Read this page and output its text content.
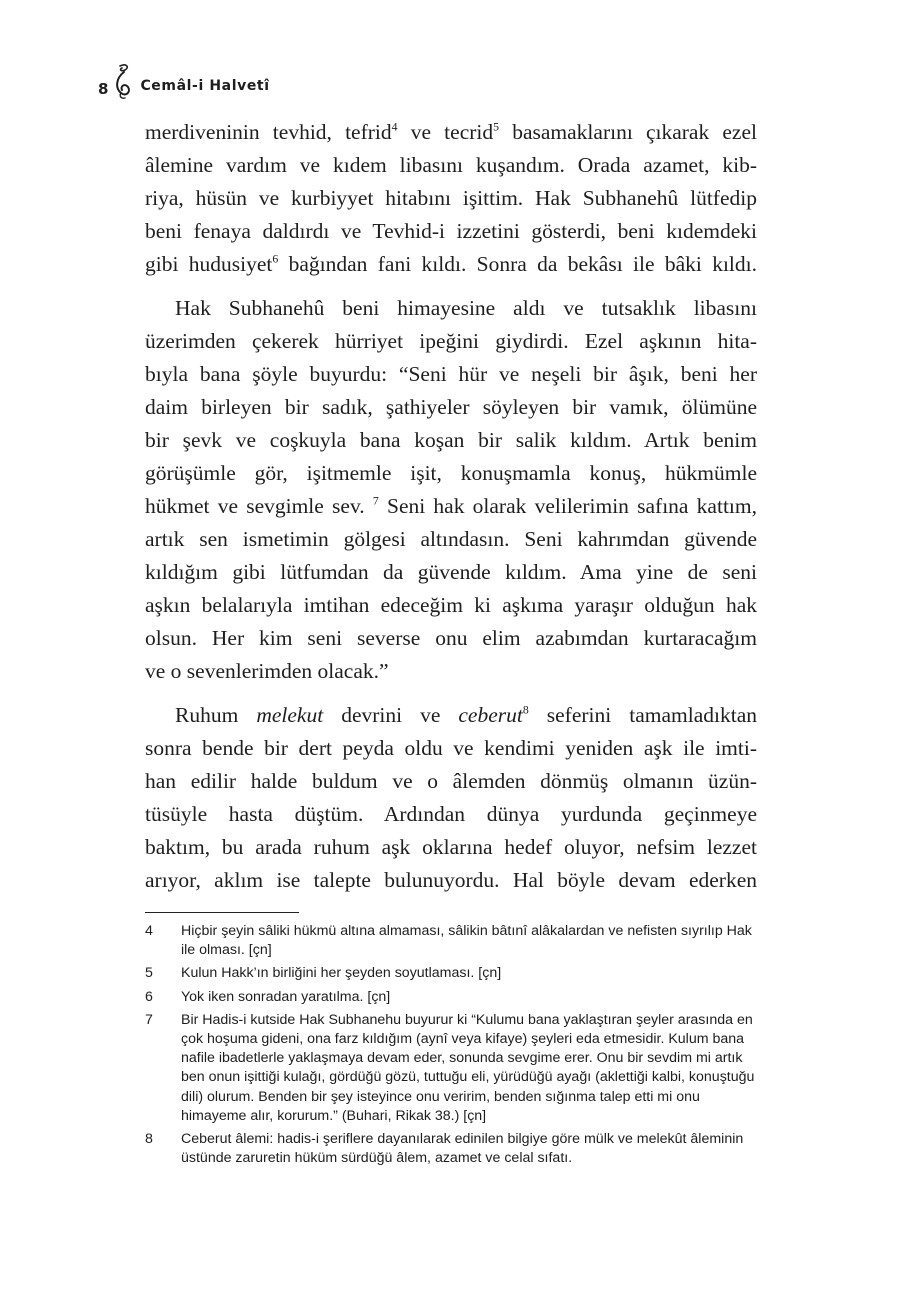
8 Cemâl-i Halvetî

merdiveninin tevhid, tefrid$^4$ ve tecrid$^5$ basamaklarını çıkarak ezel
âlemine vardım ve kıdem libasını kuşandım. Orada azamet, kib-
riya, hüsün ve kurbiyyet hitabını işittim. Hak Subhanehû lütfedip
beni fenaya daldırdı ve Tevhid-i izzetini gösterdi, beni kıdemdeki
gibi hudusiyet$^6$ bağından fani kıldı. Sonra da bekâsı ile bâki kıldı.

Hak Subhanehû beni himayesine aldı ve tutsaklık libasını
üzerimden çekerek hürriyet ipeğini giydirdi. Ezel aşkının hita-
bıyla bana şöyle buyurdu: “Seni hür ve neşeli bir âşık, beni her
daim birleyen bir sadık, şathiyeler söyleyen bir vamık, ölümüne
bir şevk ve coşkuyla bana koşan bir salik kıldım. Artık benim
görüşümle gör, işitmemle işit, konuşmamla konuş, hükmümle
hükmet ve sevgimle sev. $^7$ Seni hak olarak velilerimin safına kattım,
artık sen ismetimin gölgesi altındasın. Seni kahrımdan güvende
kıldığım gibi lütfumdan da güvende kıldım. Ama yine de seni
aşkın belalarıyla imtihan edeceğim ki aşkıma yaraşır olduğun hak
olsun. Her kim seni severse onu elim azabımdan kurtaracağım
ve o sevenlerimden olacak.”

Ruhum melekut devrini ve ceberut$^8$ seferini tamamladıktan
sonra bende bir dert peyda oldu ve kendimi yeniden aşk ile imti-
han edilir halde buldum ve o âlemden dönmüş olmanın üzün-
tüsüyle hasta düştüm. Ardından dünya yurdunda geçinmeye
baktım, bu arada ruhum aşk oklarına hedef oluyor, nefsim lezzet
arıyor, aklım ise talepte bulunuyordu. Hal böyle devam ederken

4	Hiçbir şeyin sâliki hükmü altına almaması, sâlikin bâtınî alâkalardan ve nefisten sıyrılıp Hak ile olması. [çn]
5	Kulun Hakk’ın birliğini her şeyden soyutlaması. [çn]
6	Yok iken sonradan yaratılma. [çn]
7	Bir Hadis-i kutside Hak Subhanehu buyurur ki “Kulumu bana yaklaştıran şeyler arasında en çok hoşuma gideni, ona farz kıldığım (aynî veya kifaye) şeyleri eda etmesidir. Kulum bana nafile ibadetlerle yaklaşmaya devam eder, sonunda sevgime erer. Onu bir sevdim mi artık ben onun işittiği kulağı, gördüğü gözü, tuttuğu eli, yürüdüğü ayağı (aklettiği kalbi, konuştuğu dili) olurum. Benden bir şey isteyince onu veririm, benden sığınma talep etti mi onu himayeme alır, korurum.” (Buhari, Rikak 38.) [çn]
8	Ceberut âlemi: hadis-i şeriflere dayanılarak edinilen bilgiye göre mülk ve melekût âleminin üstünde zaruretin hüküm sürdüğü âlem, azamet ve celal sıfatı.
